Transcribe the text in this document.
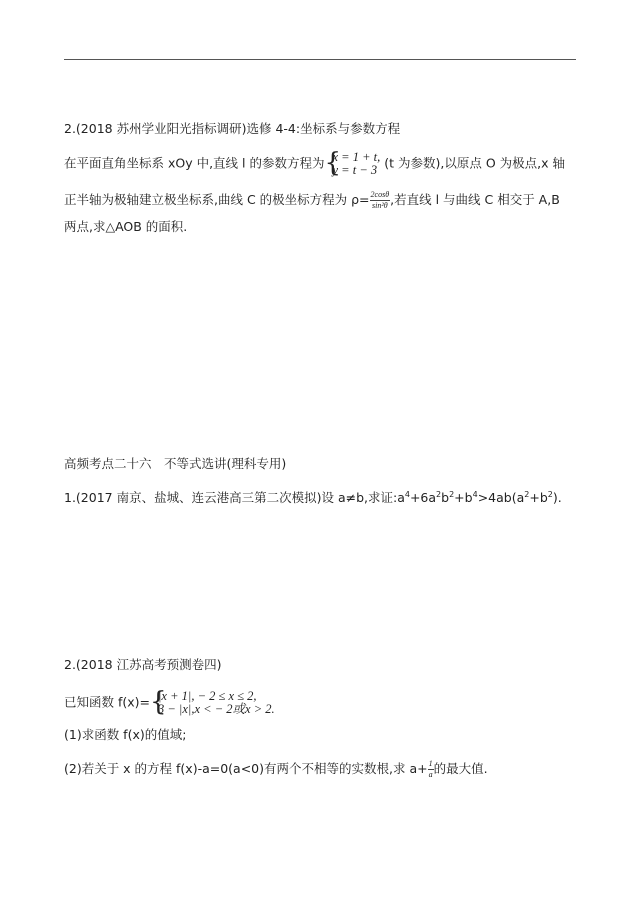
2.(2018 苏州学业阳光指标调研)选修 4-4:坐标系与参数方程
在平面直角坐标系 xOy 中,直线 l 的参数方程为 {
x = 1 + t,
y = t − 3 (t 为参数),以原点 O 为极点,x 轴
正半轴为极轴建立极坐标系,曲线 C 的极坐标方程为 $\rho= \frac{2\cos\theta}{\text{sin²θ}}$ ,若直线 l 与曲线 C 相交于 A,B
两点,求△AOB 的面积.
高频考点二十六　不等式选讲(理科专用)
1.(2017 南京、盐城、连云港高三第二次模拟)设 a≠b,求证$:a^4+6a^2b^2+b^4>4ab(a^2+b^2)$.
2.(2018 江苏高考预测卷四)
已知函数 f(x)= {
|x + 1|, − 2 ≤ x ≤ 2,
3 − |x|,x < − 2或x > 2.
(1)求函数 f(x)的值域;
(2)若关于 x 的方程 f(x)-a=0(a<0)有两个不相等的实数根,求 $a+ \frac{1}{a}$ 的最大值.
